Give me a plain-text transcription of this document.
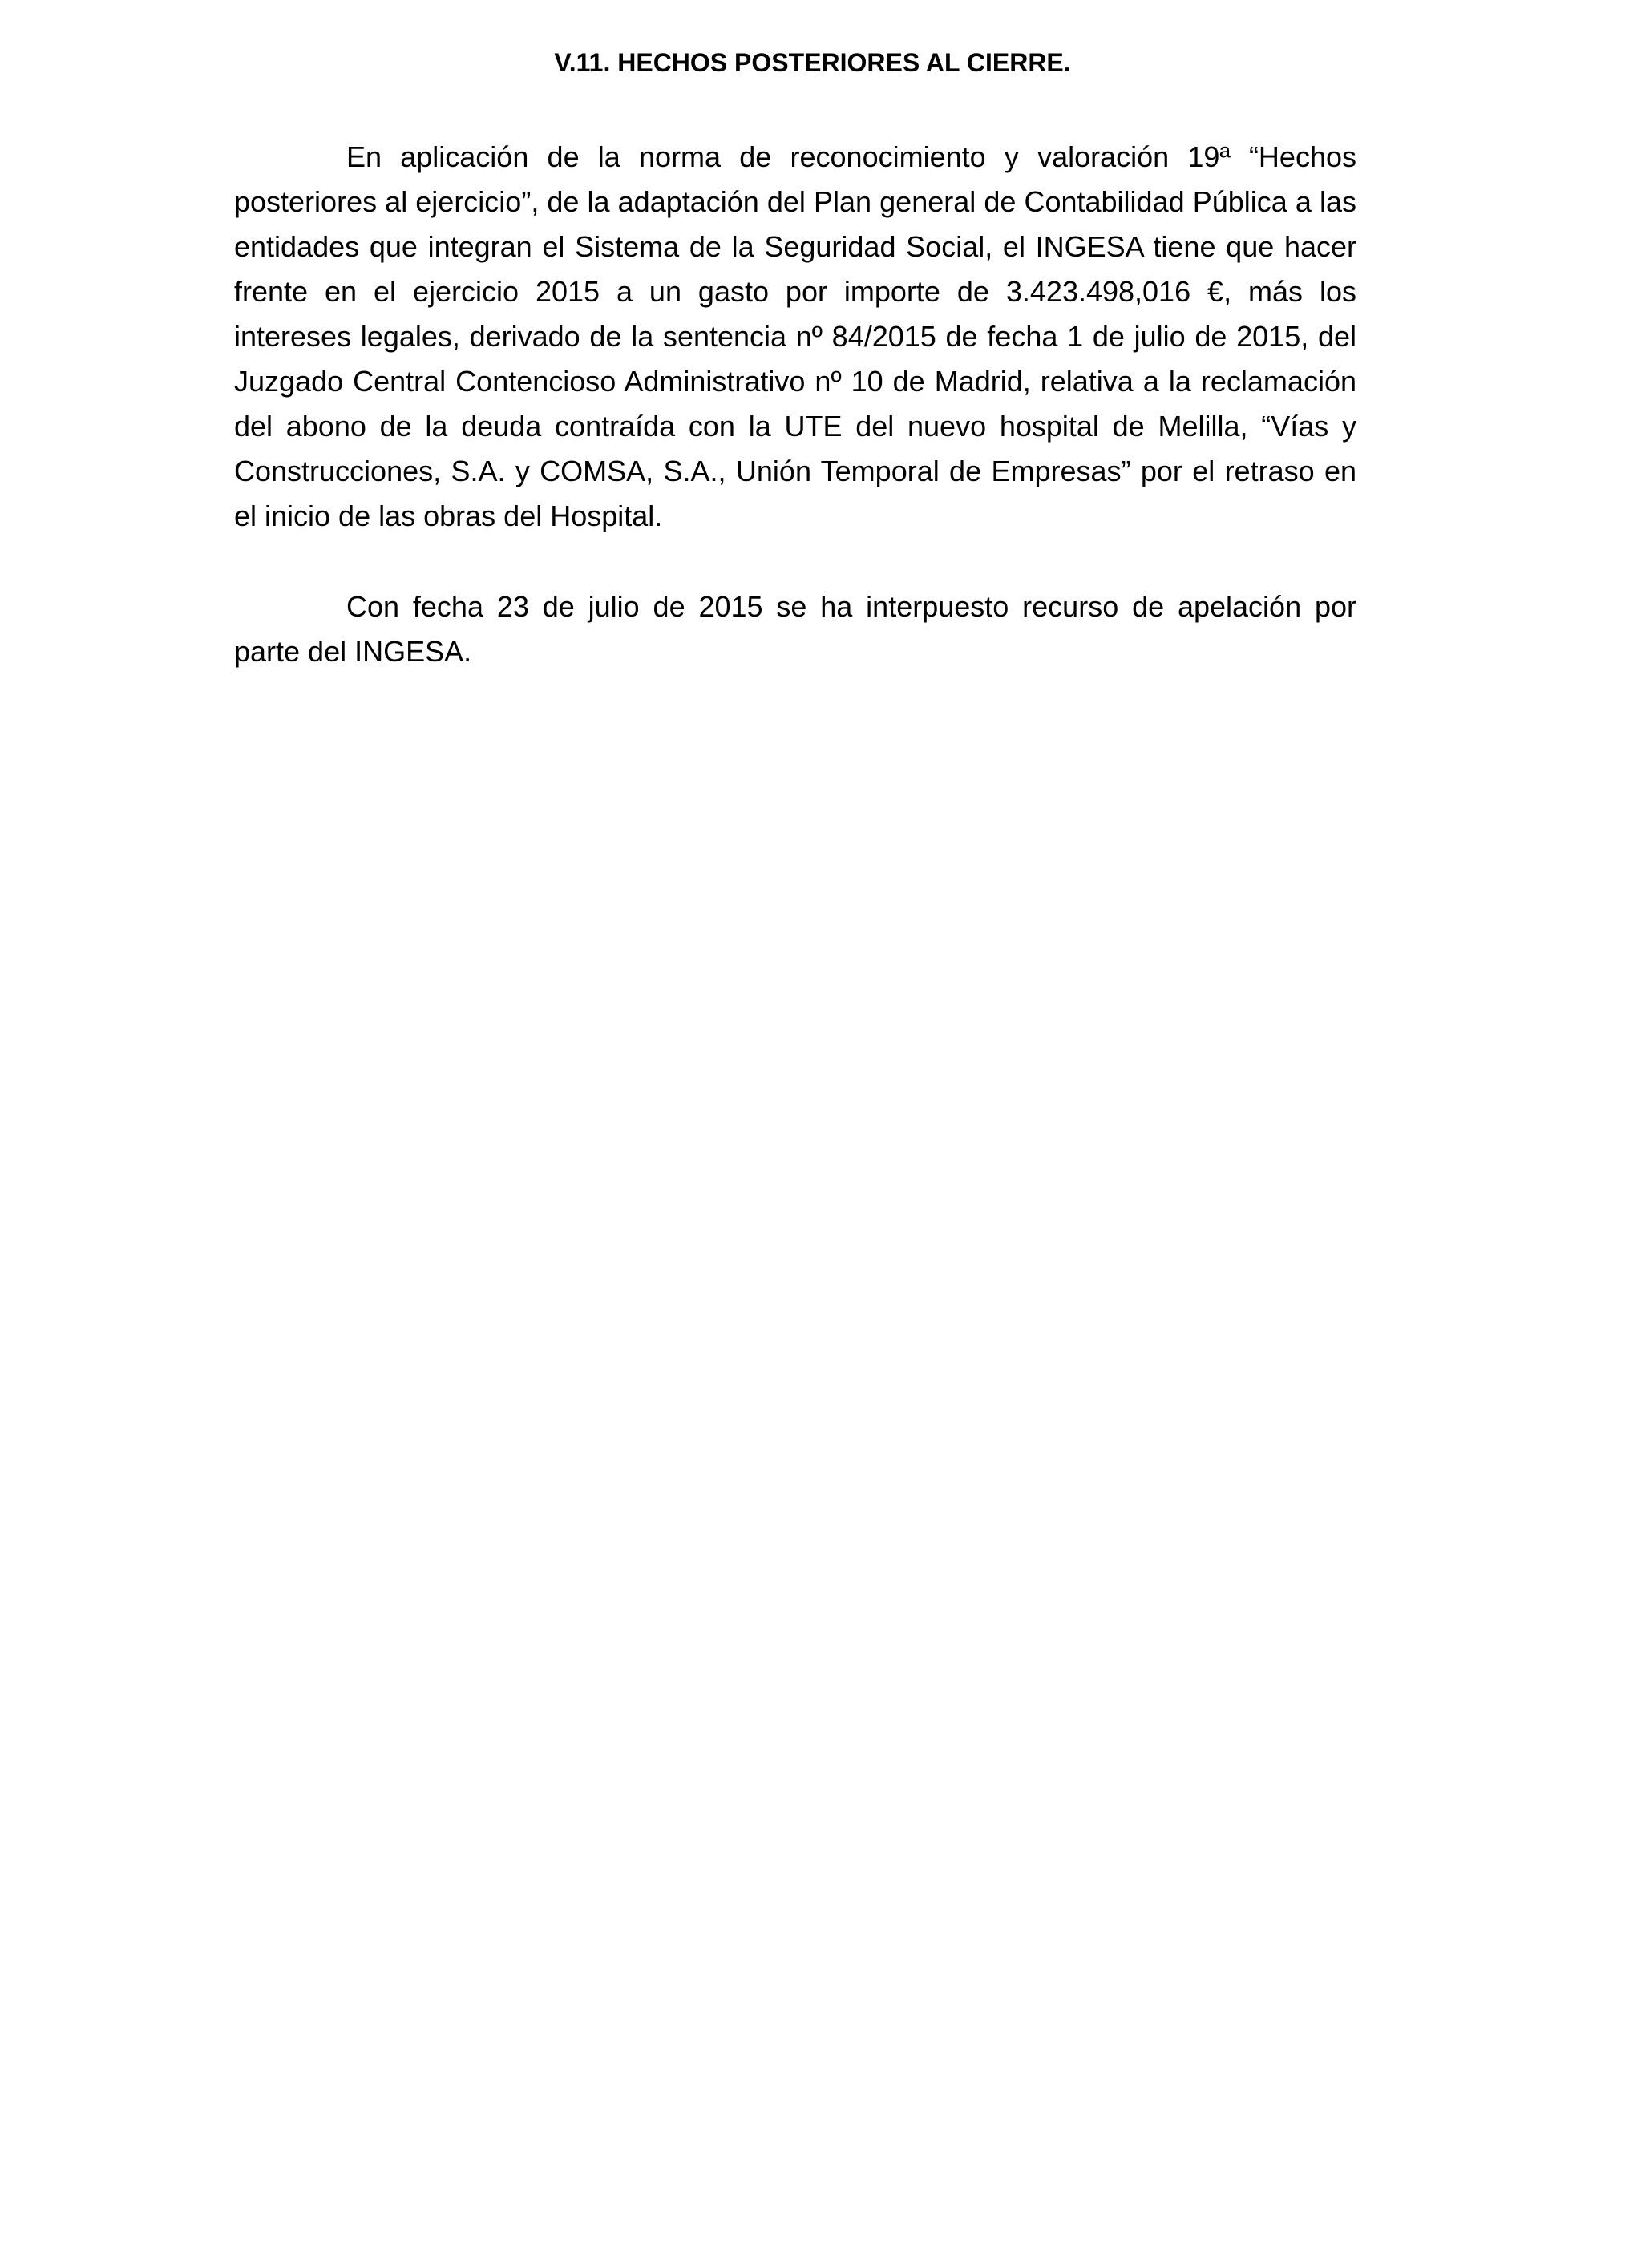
V.11. HECHOS POSTERIORES AL CIERRE.

En aplicación de la norma de reconocimiento y valoración 19ª “Hechos posteriores al ejercicio”, de la adaptación del Plan general de Contabilidad Pública a las entidades que integran el Sistema de la Seguridad Social, el INGESA tiene que hacer frente en el ejercicio 2015 a un gasto por importe de 3.423.498,016 €, más los intereses legales, derivado de la sentencia nº 84/2015 de fecha 1 de julio de 2015, del Juzgado Central Contencioso Administrativo nº 10 de Madrid, relativa a la reclamación del abono de la deuda contraída con la UTE del nuevo hospital de Melilla, “Vías y Construcciones, S.A. y COMSA, S.A., Unión Temporal de Empresas” por el retraso en el inicio de las obras del Hospital.

Con fecha 23 de julio de 2015 se ha interpuesto recurso de apelación por parte del INGESA.
